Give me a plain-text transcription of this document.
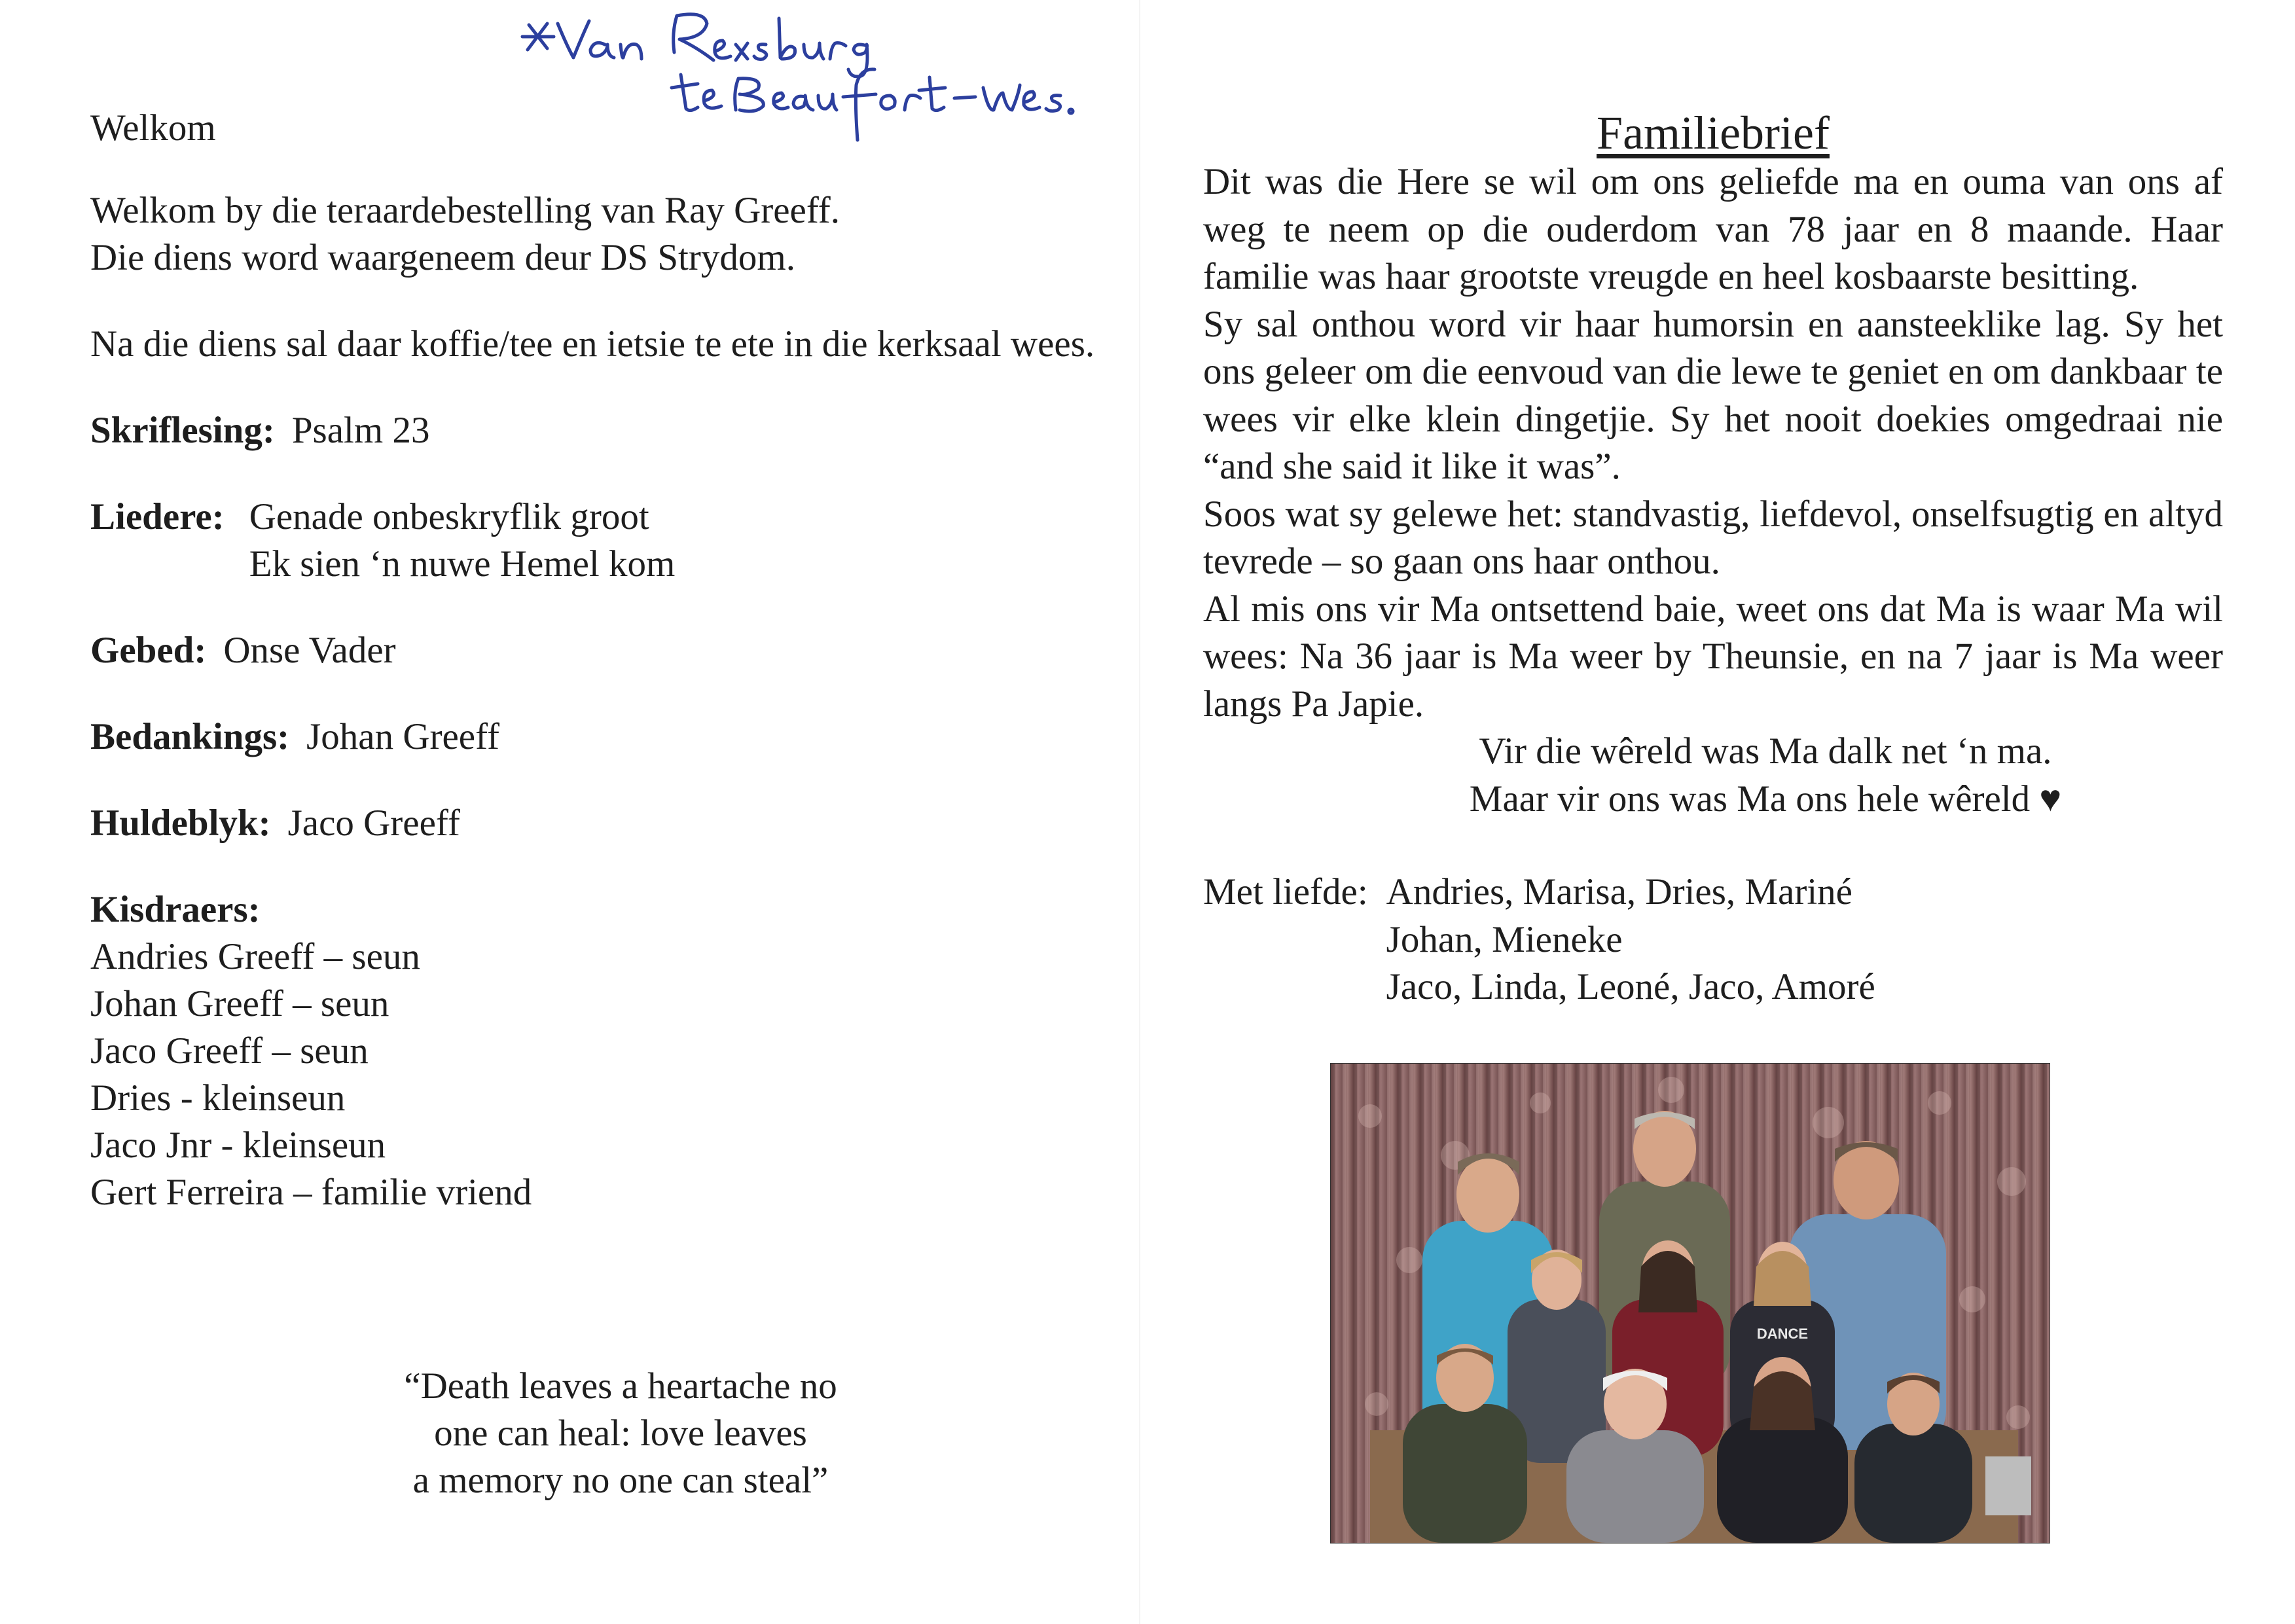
Welkom
Welkom by die teraardebestelling van Ray Greeff.
Die diens word waargeneem deur DS Strydom.
Na die diens sal daar koffie/tee en ietsie te ete in die kerksaal wees.
Skriflesing: Psalm 23
Liedere: Genade onbeskryflik groot
Ek sien ‘n nuwe Hemel kom
Gebed: Onse Vader
Bedankings: Johan Greeff
Huldeblyk: Jaco Greeff
Kisdraers:
Andries Greeff – seun
Johan Greeff – seun
Jaco Greeff – seun
Dries - kleinseun
Jaco Jnr - kleinseun
Gert Ferreira – familie vriend
“Death leaves a heartache no
one can heal: love leaves
a memory no one can steal”
Familiebrief

Dit was die Here se wil om ons geliefde ma en ouma van ons af weg te neem op die ouderdom van 78 jaar en 8 maande. Haar familie was haar grootste vreugde en heel kosbaarste besitting.

Sy sal onthou word vir haar humorsin en aansteeklike lag. Sy het ons geleer om die eenvoud van die lewe te geniet en om dankbaar te wees vir elke klein dingetjie. Sy het nooit doekies omgedraai nie “and she said it like it was”.

Soos wat sy gelewe het: standvastig, liefdevol, onselfsugtig en altyd tevrede – so gaan ons haar onthou.

Al mis ons vir Ma ontsettend baie, weet ons dat Ma is waar Ma wil wees: Na 36 jaar is Ma weer by Theunsie, en na 7 jaar is Ma weer langs Pa Japie.

Vir die wêreld was Ma dalk net ‘n ma.
Maar vir ons was Ma ons hele wêreld ♥
Met liefde: Andries, Marisa, Dries, Mariné
Johan, Mieneke
Jaco, Linda, Leoné, Jaco, Amoré
DANCE
